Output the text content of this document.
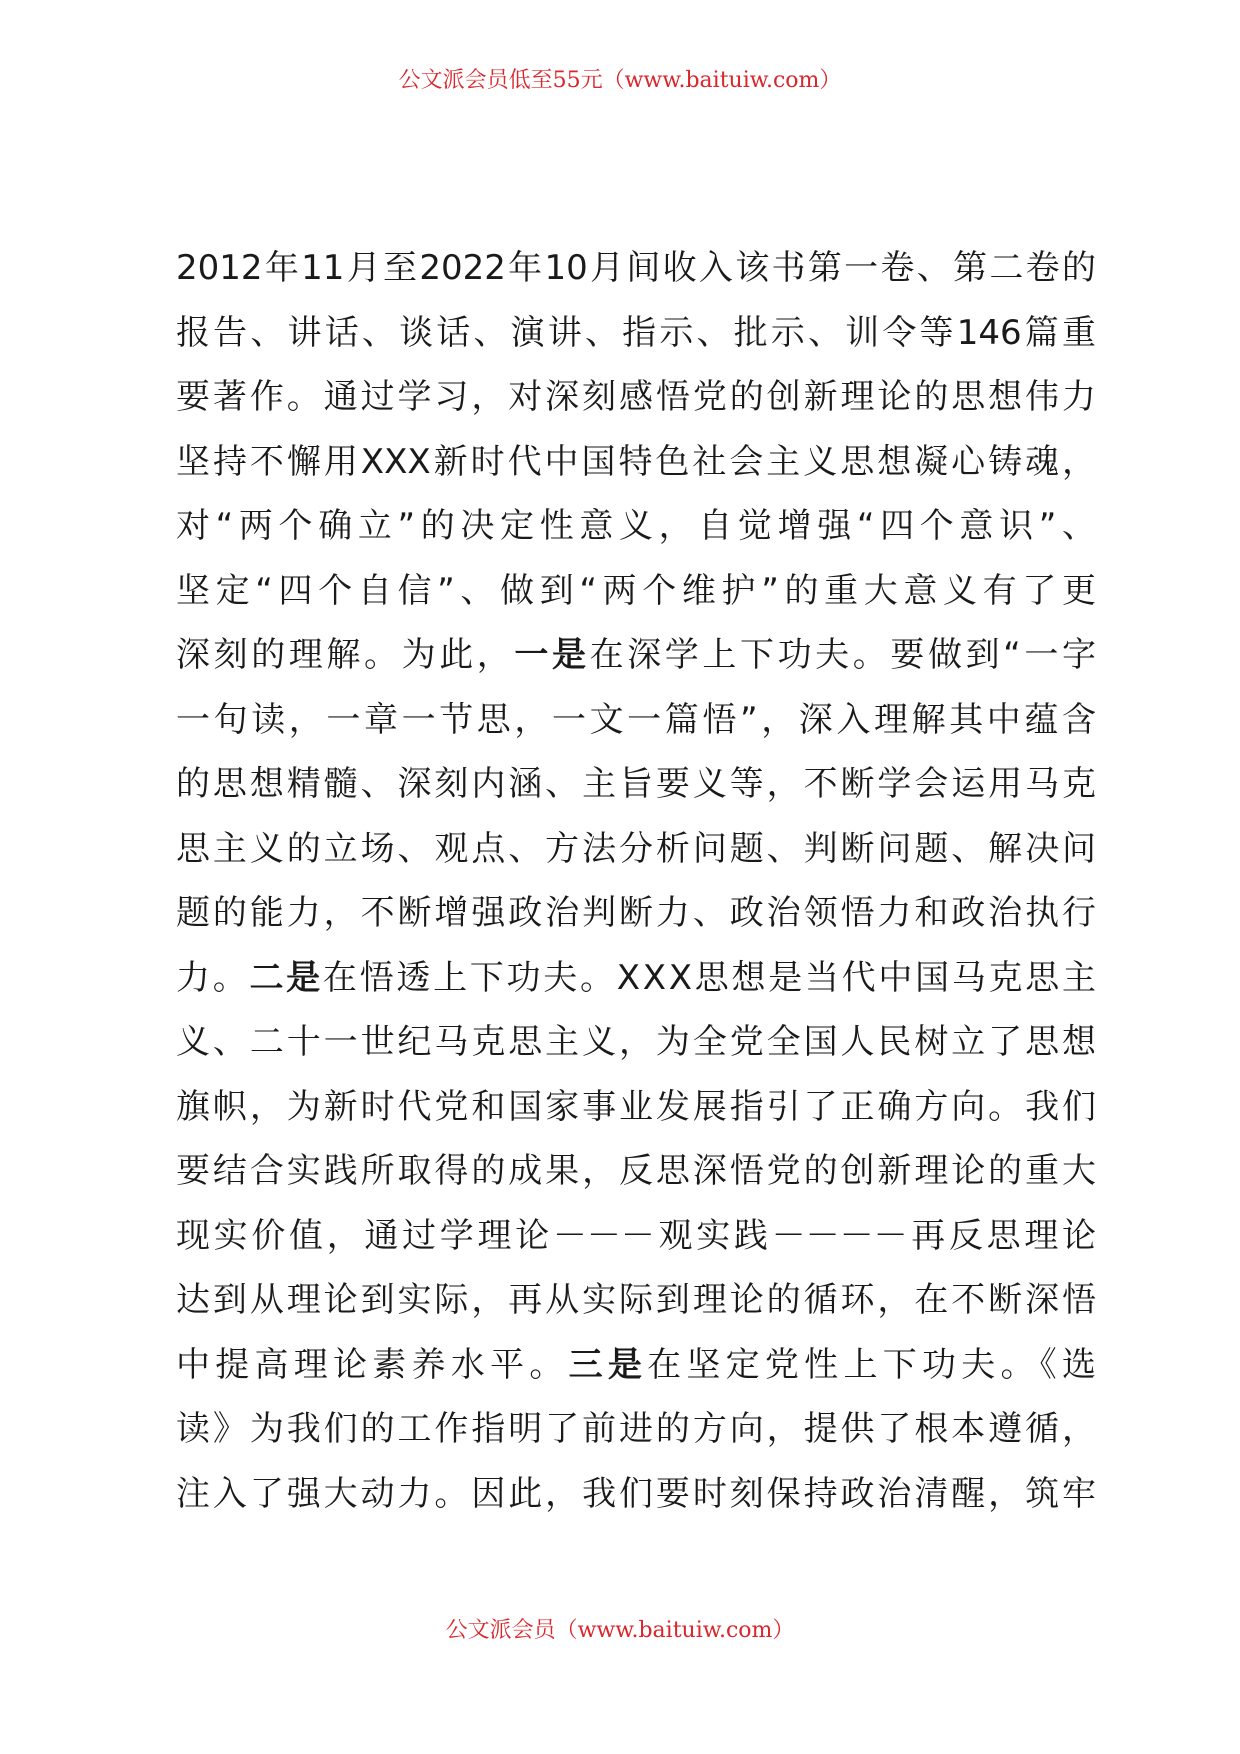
公文派会员低至55元（www.baituiw.com）
2012年11月至2022年10月间收入该书第一卷、第二卷的
报告、讲话、谈话、演讲、指示、批示、训令等146篇重
要著作。通过学习，对深刻感悟党的创新理论的思想伟力
坚持不懈用XXX新时代中国特色社会主义思想凝心铸魂，
对“两个确立”的决定性意义，自觉增强“四个意识”、
坚定“四个自信”、做到“两个维护”的重大意义有了更
深刻的理解。为此，一是在深学上下功夫。要做到“一字
一句读，一章一节思，一文一篇悟”，深入理解其中蕴含
的思想精髓、深刻内涵、主旨要义等，不断学会运用马克
思主义的立场、观点、方法分析问题、判断问题、解决问
题的能力，不断增强政治判断力、政治领悟力和政治执行
力。二是在悟透上下功夫。XXX思想是当代中国马克思主
义、二十一世纪马克思主义，为全党全国人民树立了思想
旗帜，为新时代党和国家事业发展指引了正确方向。我们
要结合实践所取得的成果，反思深悟党的创新理论的重大
现实价值，通过学理论－－－观实践－－－－再反思理论
达到从理论到实际，再从实际到理论的循环，在不断深悟
中提高理论素养水平。三是在坚定党性上下功夫。《选
读》为我们的工作指明了前进的方向，提供了根本遵循，
注入了强大动力。因此，我们要时刻保持政治清醒，筑牢
公文派会员（www.baituiw.com）
